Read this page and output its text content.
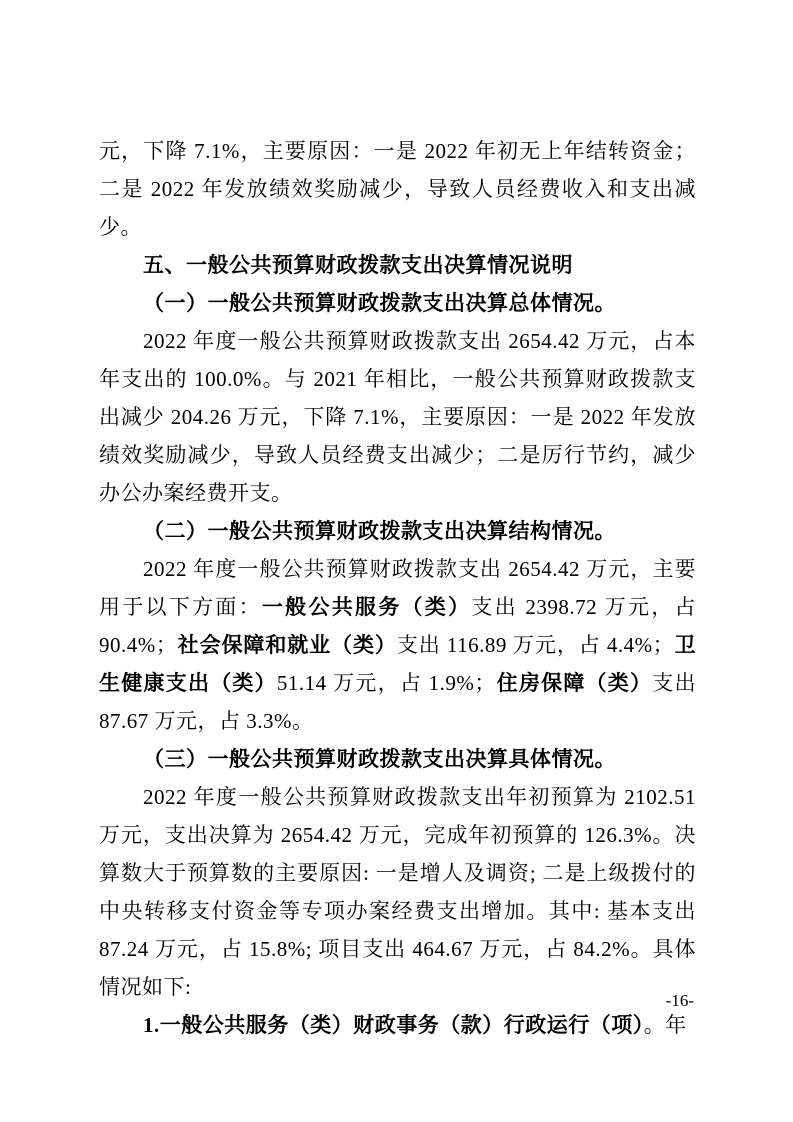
元，下降 7.1%，主要原因：一是 2022 年初无上年结转资金；二是 2022 年发放绩效奖励减少，导致人员经费收入和支出减少。

五、一般公共预算财政拨款支出决算情况说明

（一）一般公共预算财政拨款支出决算总体情况。

2022 年度一般公共预算财政拨款支出 2654.42 万元，占本年支出的 100.0%。与 2021 年相比，一般公共预算财政拨款支出减少 204.26 万元，下降 7.1%，主要原因：一是 2022 年发放绩效奖励减少，导致人员经费支出减少；二是厉行节约，减少办公办案经费开支。

（二）一般公共预算财政拨款支出决算结构情况。

2022 年度一般公共预算财政拨款支出 2654.42 万元，主要用于以下方面：一般公共服务（类）支出 2398.72 万元，占 90.4%；社会保障和就业（类）支出 116.89 万元，占 4.4%；卫生健康支出（类）51.14 万元，占 1.9%；住房保障（类）支出 87.67 万元，占 3.3%。

（三）一般公共预算财政拨款支出决算具体情况。

2022 年度一般公共预算财政拨款支出年初预算为 2102.51 万元，支出决算为 2654.42 万元，完成年初预算的 126.3%。决算数大于预算数的主要原因: 一是增人及调资; 二是上级拨付的中央转移支付资金等专项办案经费支出增加。其中: 基本支出 87.24 万元，占 15.8%; 项目支出 464.67 万元，占 84.2%。具体情况如下:

1.一般公共服务（类）财政事务（款）行政运行（项）。年

-16-
